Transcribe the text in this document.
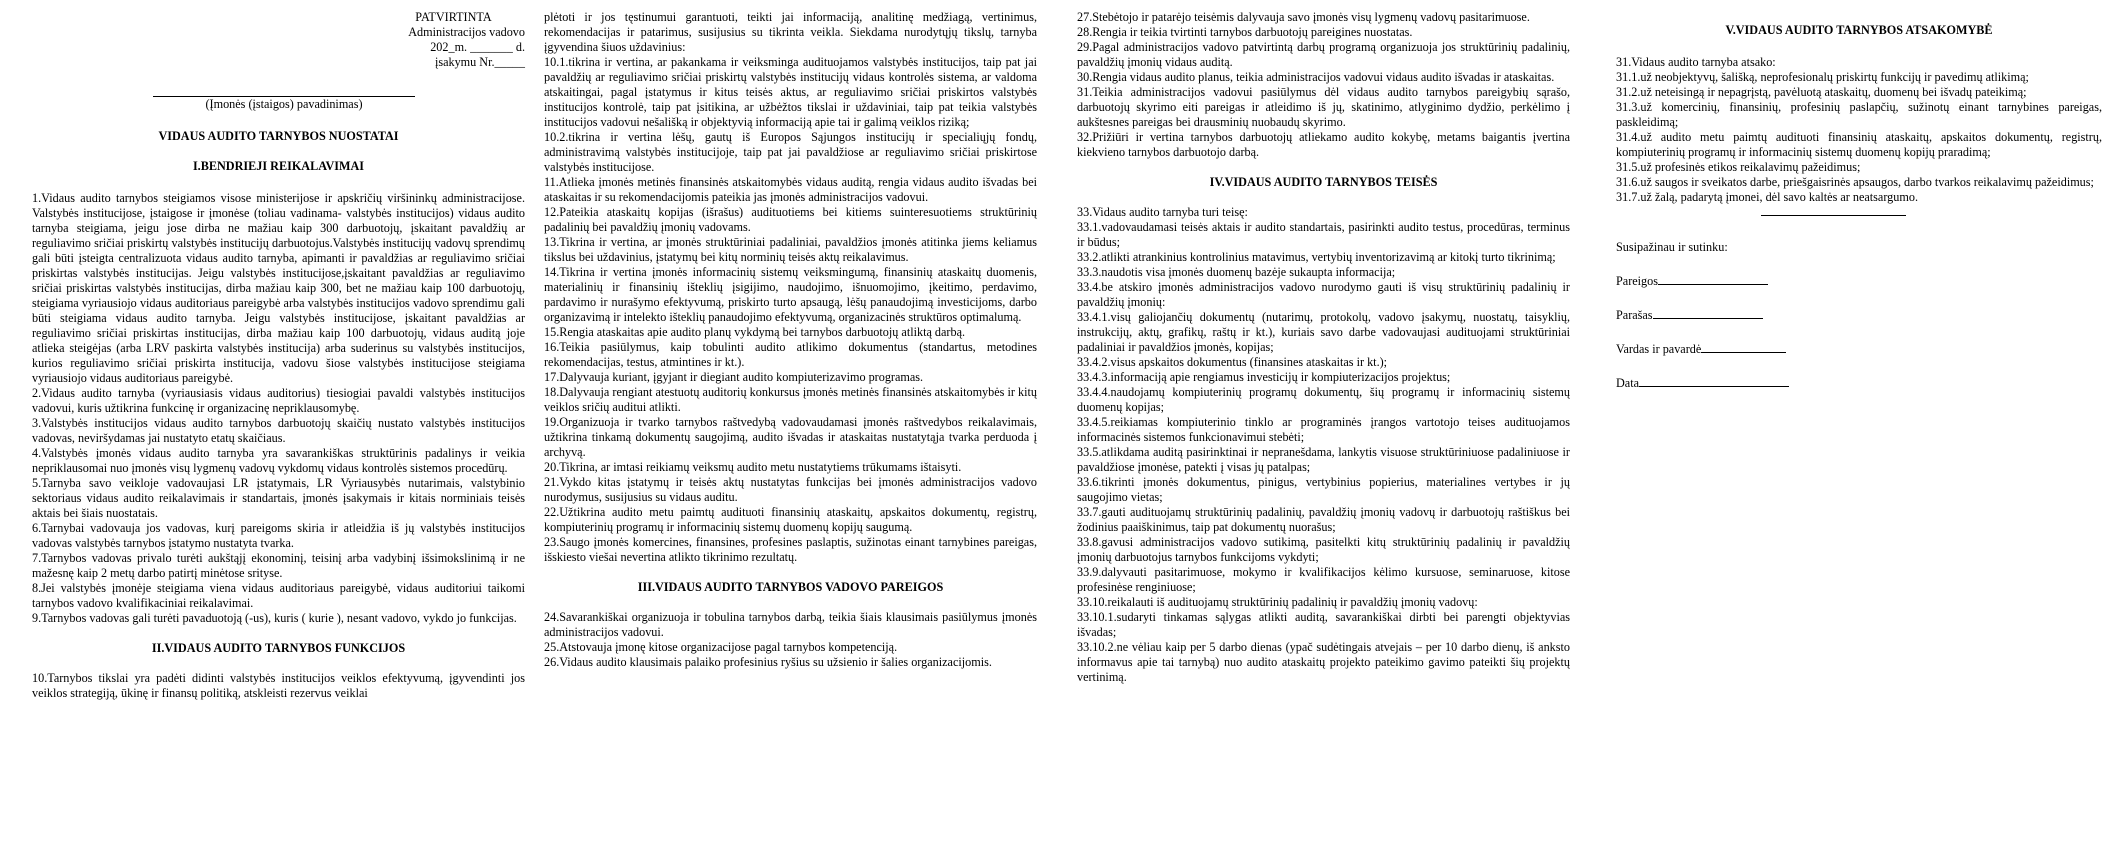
PATVIRTINTA
Administracijos vadovo
202_m. _______ d.
įsakymu Nr._____
(Įmonės (įstaigos) pavadinimas)

VIDAUS AUDITO TARNYBOS NUOSTATAI

I.BENDRIEJI REIKALAVIMAI

1.Vidaus audito tarnybos steigiamos visose ministerijose ir apskričių viršininkų administracijose. Valstybės institucijose, įstaigose ir įmonėse (toliau vadinama- valstybės institucijos) vidaus audito tarnyba steigiama, jeigu jose dirba ne mažiau kaip 300 darbuotojų, įskaitant pavaldžių ar reguliavimo sričiai priskirtų valstybės institucijų darbuotojus.Valstybės institucijų vadovų sprendimų gali būti įsteigta centralizuota vidaus audito tarnyba, apimanti ir pavaldžias ar reguliavimo sričiai priskirtas valstybės institucijas. Jeigu valstybės institucijose,įskaitant pavaldžias ar reguliavimo sričiai priskirtas valstybės institucijas, dirba mažiau kaip 300, bet ne mažiau kaip 100 darbuotojų, steigiama vyriausiojo vidaus auditoriaus pareigybė arba valstybės institucijos vadovo sprendimu gali būti steigiama vidaus audito tarnyba. Jeigu valstybės institucijose, įskaitant pavaldžias ar reguliavimo sričiai priskirtas institucijas, dirba mažiau kaip 100 darbuotojų, vidaus auditą joje atlieka steigėjas (arba LRV paskirta valstybės institucija) arba suderinus su valstybės institucijos, kurios reguliavimo sričiai priskirta institucija, vadovu šiose valstybės institucijose steigiama vyriausiojo vidaus auditoriaus pareigybė.

2.Vidaus audito tarnyba (vyriausiasis vidaus auditorius) tiesiogiai pavaldi valstybės institucijos vadovui, kuris užtikrina funkcinę ir organizacinę nepriklausomybę.

3.Valstybės institucijos vidaus audito tarnybos darbuotojų skaičių nustato valstybės institucijos vadovas, neviršydamas jai nustatyto etatų skaičiaus.

4.Valstybės įmonės vidaus audito tarnyba yra savarankiškas struktūrinis padalinys ir veikia nepriklausomai nuo įmonės visų lygmenų vadovų vykdomų vidaus kontrolės sistemos procedūrų.

5.Tarnyba savo veikloje vadovaujasi LR įstatymais, LR Vyriausybės nutarimais, valstybinio sektoriaus vidaus audito reikalavimais ir standartais, įmonės įsakymais ir kitais norminiais teisės aktais bei šiais nuostatais.

6.Tarnybai vadovauja jos vadovas, kurį pareigoms skiria ir atleidžia iš jų valstybės institucijos vadovas valstybės tarnybos įstatymo nustatyta tvarka.

7.Tarnybos vadovas privalo turėti aukštąjį ekonominį, teisinį arba vadybinį išsimokslinimą ir ne mažesnę kaip 2 metų darbo patirtį minėtose srityse.

8.Jei valstybės įmonėje steigiama viena vidaus auditoriaus pareigybė, vidaus auditoriui taikomi tarnybos vadovo kvalifikaciniai reikalavimai.

9.Tarnybos vadovas gali turėti pavaduotoją (-us), kuris ( kurie ), nesant vadovo, vykdo jo funkcijas.

II.VIDAUS AUDITO TARNYBOS FUNKCIJOS

10.Tarnybos tikslai yra padėti didinti valstybės institucijos veiklos efektyvumą, įgyvendinti jos veiklos strategiją, ūkinę ir finansų politiką, atskleisti rezervus veiklai

plėtoti ir jos tęstinumui garantuoti, teikti jai informaciją, analitinę medžiagą, vertinimus, rekomendacijas ir patarimus, susijusius su tikrinta veikla. Siekdama nurodytųjų tikslų, tarnyba įgyvendina šiuos uždavinius:

10.1.tikrina ir vertina, ar pakankama ir veiksminga audituojamos valstybės institucijos, taip pat jai pavaldžių ar reguliavimo sričiai priskirtų valstybės institucijų vidaus kontrolės sistema, ar valdoma atskaitingai, pagal įstatymus ir kitus teisės aktus, ar reguliavimo sričiai priskirtos valstybės institucijos kontrolė, taip pat įsitikina, ar užbėžtos tikslai ir uždaviniai, taip pat teikia valstybės institucijos vadovui nešališką ir objektyvią informaciją apie tai ir galimą veiklos riziką;

10.2.tikrina ir vertina lėšų, gautų iš Europos Sąjungos institucijų ir specialiųjų fondų, administravimą valstybės institucijoje, taip pat jai pavaldžiose ar reguliavimo sričiai priskirtose valstybės institucijose.

11.Atlieka įmonės metinės finansinės atskaitomybės vidaus auditą, rengia vidaus audito išvadas bei ataskaitas ir su rekomendacijomis pateikia jas įmonės administracijos vadovui.

12.Pateikia ataskaitų kopijas (išrašus) audituotiems bei kitiems suinteresuotiems struktūrinių padalinių bei pavaldžių įmonių vadovams.

13.Tikrina ir vertina, ar įmonės struktūriniai padaliniai, pavaldžios įmonės atitinka jiems keliamus tikslus bei uždavinius, įstatymų bei kitų norminių teisės aktų reikalavimus.

14.Tikrina ir vertina įmonės informacinių sistemų veiksmingumą, finansinių ataskaitų duomenis, materialinių ir finansinių išteklių įsigijimo, naudojimo, išnuomojimo, įkeitimo, perdavimo, pardavimo ir nurašymo efektyvumą, priskirto turto apsaugą, lėšų panaudojimą investicijoms, darbo organizavimą ir intelekto išteklių panaudojimo efektyvumą, organizacinės struktūros optimalumą.

15.Rengia ataskaitas apie audito planų vykdymą bei tarnybos darbuotojų atliktą darbą.

16.Teikia pasiūlymus, kaip tobulinti audito atlikimo dokumentus (standartus, metodines rekomendacijas, testus, atmintines ir kt.).

17.Dalyvauja kuriant, įgyjant ir diegiant audito kompiuterizavimo programas.

18.Dalyvauja rengiant atestuotų auditorių konkursus įmonės metinės finansinės atskaitomybės ir kitų veiklos sričių auditui atlikti.

19.Organizuoja ir tvarko tarnybos raštvedybą vadovaudamasi įmonės raštvedybos reikalavimais, užtikrina tinkamą dokumentų saugojimą, audito išvadas ir ataskaitas nustatytąja tvarka perduoda į archyvą.

20.Tikrina, ar imtasi reikiamų veiksmų audito metu nustatytiems trūkumams ištaisyti.

21.Vykdo kitas įstatymų ir teisės aktų nustatytas funkcijas bei įmonės administracijos vadovo nurodymus, susijusius su vidaus auditu.

22.Užtikrina audito metu paimtų audituoti finansinių ataskaitų, apskaitos dokumentų, registrų, kompiuterinių programų ir informacinių sistemų duomenų kopijų saugumą.

23.Saugo įmonės komercines, finansines, profesines paslaptis, sužinotas einant tarnybines pareigas, išskiesto viešai nevertina atlikto tikrinimo rezultatų.

III.VIDAUS AUDITO TARNYBOS VADOVO PAREIGOS

24.Savarankiškai organizuoja ir tobulina tarnybos darbą, teikia šiais klausimais pasiūlymus įmonės administracijos vadovui.

25.Atstovauja įmonę kitose organizacijose pagal tarnybos kompetenciją.

26.Vidaus audito klausimais palaiko profesinius ryšius su užsienio ir šalies organizacijomis.

27.Stebėtojo ir patarėjo teisėmis dalyvauja savo įmonės visų lygmenų vadovų pasitarimuose.

28.Rengia ir teikia tvirtinti tarnybos darbuotojų pareigines nuostatas.

29.Pagal administracijos vadovo patvirtintą darbų programą organizuoja jos struktūrinių padalinių, pavaldžių įmonių vidaus auditą.

30.Rengia vidaus audito planus, teikia administracijos vadovui vidaus audito išvadas ir ataskaitas.

31.Teikia administracijos vadovui pasiūlymus dėl vidaus audito tarnybos pareigybių sąrašo, darbuotojų skyrimo eiti pareigas ir atleidimo iš jų, skatinimo, atlyginimo dydžio, perkėlimo į aukštesnes pareigas bei drausminių nuobaudų skyrimo.

32.Prižiūri ir vertina tarnybos darbuotojų atliekamo audito kokybę, metams baigantis įvertina kiekvieno tarnybos darbuotojo darbą.

IV.VIDAUS AUDITO TARNYBOS TEISĖS

33.Vidaus audito tarnyba turi teisę:

33.1.vadovaudamasi teisės aktais ir audito standartais, pasirinkti audito testus, procedūras, terminus ir būdus;

33.2.atlikti atrankinius kontrolinius matavimus, vertybių inventorizavimą ar kitokį turto tikrinimą;

33.3.naudotis visa įmonės duomenų bazėje sukaupta informacija;

33.4.be atskiro įmonės administracijos vadovo nurodymo gauti iš visų struktūrinių padalinių ir pavaldžių įmonių:

33.4.1.visų galiojančių dokumentų (nutarimų, protokolų, vadovo įsakymų, nuostatų, taisyklių, instrukcijų, aktų, grafikų, raštų ir kt.), kuriais savo darbe vadovaujasi audituojami struktūriniai padaliniai ir pavaldžios įmonės, kopijas;

33.4.2.visus apskaitos dokumentus (finansines ataskaitas ir kt.);

33.4.3.informaciją apie rengiamus investicijų ir kompiuterizacijos projektus;

33.4.4.naudojamų kompiuterinių programų dokumentų, šių programų ir informacinių sistemų duomenų kopijas;

33.4.5.reikiamas kompiuterinio tinklo ar programinės įrangos vartotojo teises audituojamos informacinės sistemos funkcionavimui stebėti;

33.5.atlikdama auditą pasirinktinai ir nepranešdama, lankytis visuose struktūriniuose padaliniuose ir pavaldžiose įmonėse, patekti į visas jų patalpas;

33.6.tikrinti įmonės dokumentus, pinigus, vertybinius popierius, materialines vertybes ir jų saugojimo vietas;

33.7.gauti audituojamų struktūrinių padalinių, pavaldžių įmonių vadovų ir darbuotojų raštiškus bei žodinius paaiškinimus, taip pat dokumentų nuorašus;

33.8.gavusi administracijos vadovo sutikimą, pasitelkti kitų struktūrinių padalinių ir pavaldžių įmonių darbuotojus tarnybos funkcijoms vykdyti;

33.9.dalyvauti pasitarimuose, mokymo ir kvalifikacijos kėlimo kursuose, seminaruose, kitose profesinėse renginiuose;

33.10.reikalauti iš audituojamų struktūrinių padalinių ir pavaldžių įmonių vadovų:

33.10.1.sudaryti tinkamas sąlygas atlikti auditą, savarankiškai dirbti bei parengti objektyvias išvadas;

33.10.2.ne vėliau kaip per 5 darbo dienas (ypač sudėtingais atvejais – per 10 darbo dienų, iš anksto informavus apie tai tarnybą) nuo audito ataskaitų projekto pateikimo gavimo pateikti šių projektų vertinimą.

V.VIDAUS AUDITO TARNYBOS ATSAKOMYBĖ

31.Vidaus audito tarnyba atsako:

31.1.už neobjektyvų, šališką, neprofesionalų priskirtų funkcijų ir pavedimų atlikimą;

31.2.už neteisingą ir nepagrįstą, pavėluotą ataskaitų, duomenų bei išvadų pateikimą;

31.3.už komercinių, finansinių, profesinių paslapčių, sužinotų einant tarnybines pareigas, paskleidimą;

31.4.už audito metu paimtų audituoti finansinių ataskaitų, apskaitos dokumentų, registrų, kompiuterinių programų ir informacinių sistemų duomenų kopijų praradimą;

31.5.už profesinės etikos reikalavimų pažeidimus;

31.6.už saugos ir sveikatos darbe, priešgaisrinės apsaugos, darbo tvarkos reikalavimų pažeidimus;

31.7.už žalą, padarytą įmonei, dėl savo kaltės ar neatsargumo.

Susipažinau ir sutinku:

Pareigos

Parašas

Vardas ir pavardė

Data
